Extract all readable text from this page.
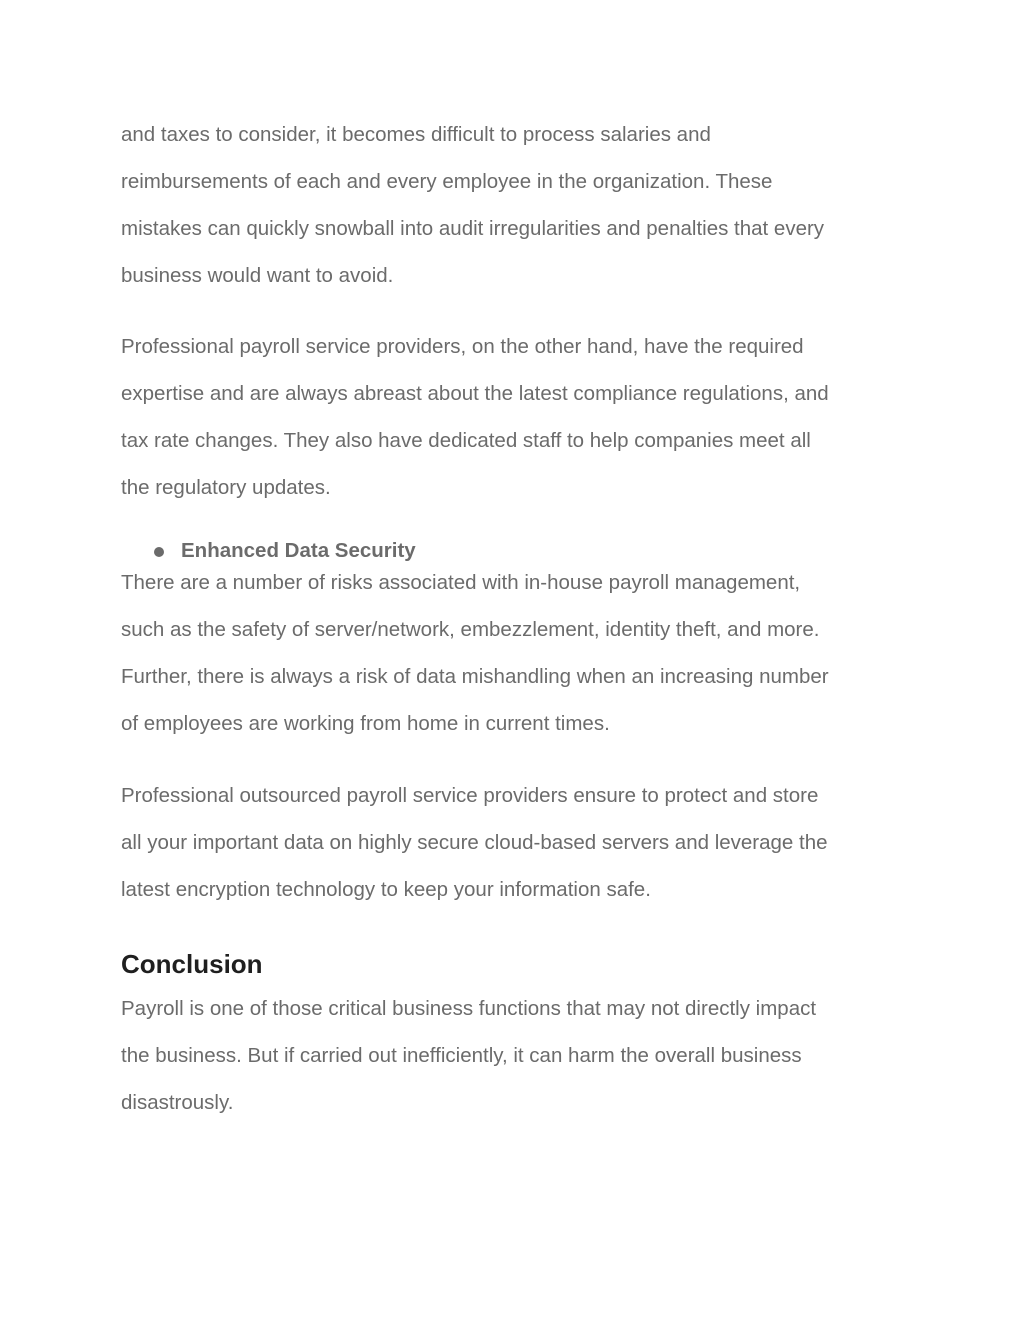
and taxes to consider, it becomes difficult to process salaries and
reimbursements of each and every employee in the organization. These
mistakes can quickly snowball into audit irregularities and penalties that every
business would want to avoid.

Professional payroll service providers, on the other hand, have the required
expertise and are always abreast about the latest compliance regulations, and
tax rate changes. They also have dedicated staff to help companies meet all
the regulatory updates.

Enhanced Data Security

There are a number of risks associated with in-house payroll management,
such as the safety of server/network, embezzlement, identity theft, and more.
Further, there is always a risk of data mishandling when an increasing number
of employees are working from home in current times.

Professional outsourced payroll service providers ensure to protect and store
all your important data on highly secure cloud-based servers and leverage the
latest encryption technology to keep your information safe.

Conclusion

Payroll is one of those critical business functions that may not directly impact
the business. But if carried out inefficiently, it can harm the overall business
disastrously.
